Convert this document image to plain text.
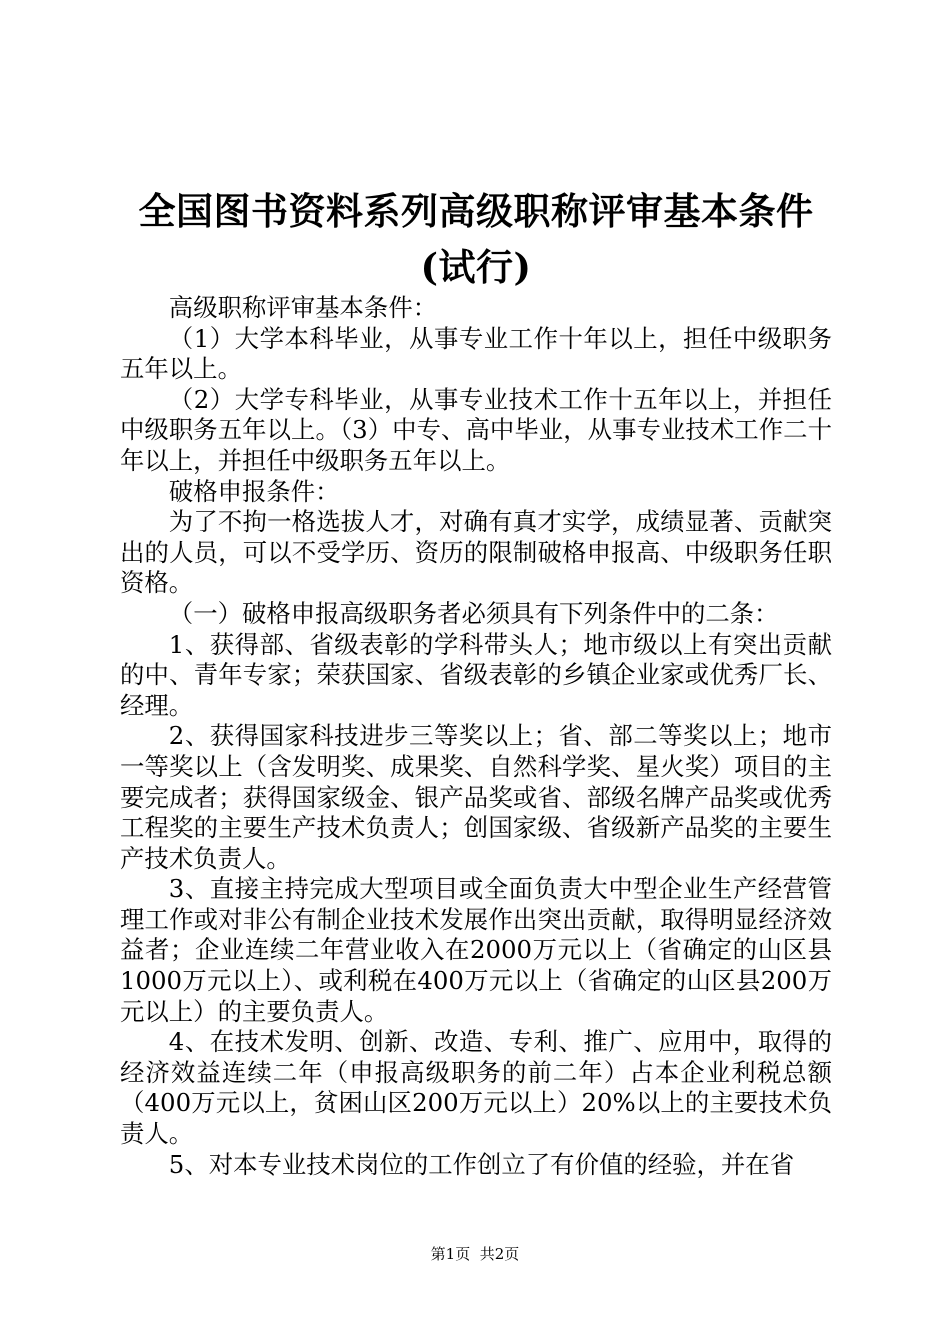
全国图书资料系列高级职称评审基本条件(试行)

高级职称评审基本条件：

（1）大学本科毕业，从事专业工作十年以上，担任中级职务五年以上。

（2）大学专科毕业，从事专业技术工作十五年以上，并担任中级职务五年以上。（3）中专、高中毕业，从事专业技术工作二十年以上，并担任中级职务五年以上。

破格申报条件：

为了不拘一格选拔人才，对确有真才实学，成绩显著、贡献突出的人员，可以不受学历、资历的限制破格申报高、中级职务任职资格。

（一）破格申报高级职务者必须具有下列条件中的二条：

1、获得部、省级表彰的学科带头人；地市级以上有突出贡献的中、青年专家；荣获国家、省级表彰的乡镇企业家或优秀厂长、经理。

2、获得国家科技进步三等奖以上；省、部二等奖以上；地市一等奖以上（含发明奖、成果奖、自然科学奖、星火奖）项目的主要完成者；获得国家级金、银产品奖或省、部级名牌产品奖或优秀工程奖的主要生产技术负责人；创国家级、省级新产品奖的主要生产技术负责人。

3、直接主持完成大型项目或全面负责大中型企业生产经营管理工作或对非公有制企业技术发展作出突出贡献，取得明显经济效益者；企业连续二年营业收入在2000万元以上（省确定的山区县1000万元以上）、或利税在400万元以上（省确定的山区县200万元以上）的主要负责人。

4、在技术发明、创新、改造、专利、推广、应用中，取得的经济效益连续二年（申报高级职务的前二年）占本企业利税总额（400万元以上，贫困山区200万元以上）20%以上的主要技术负责人。

5、对本专业技术岗位的工作创立了有价值的经验，并在省

第1页 共2页
